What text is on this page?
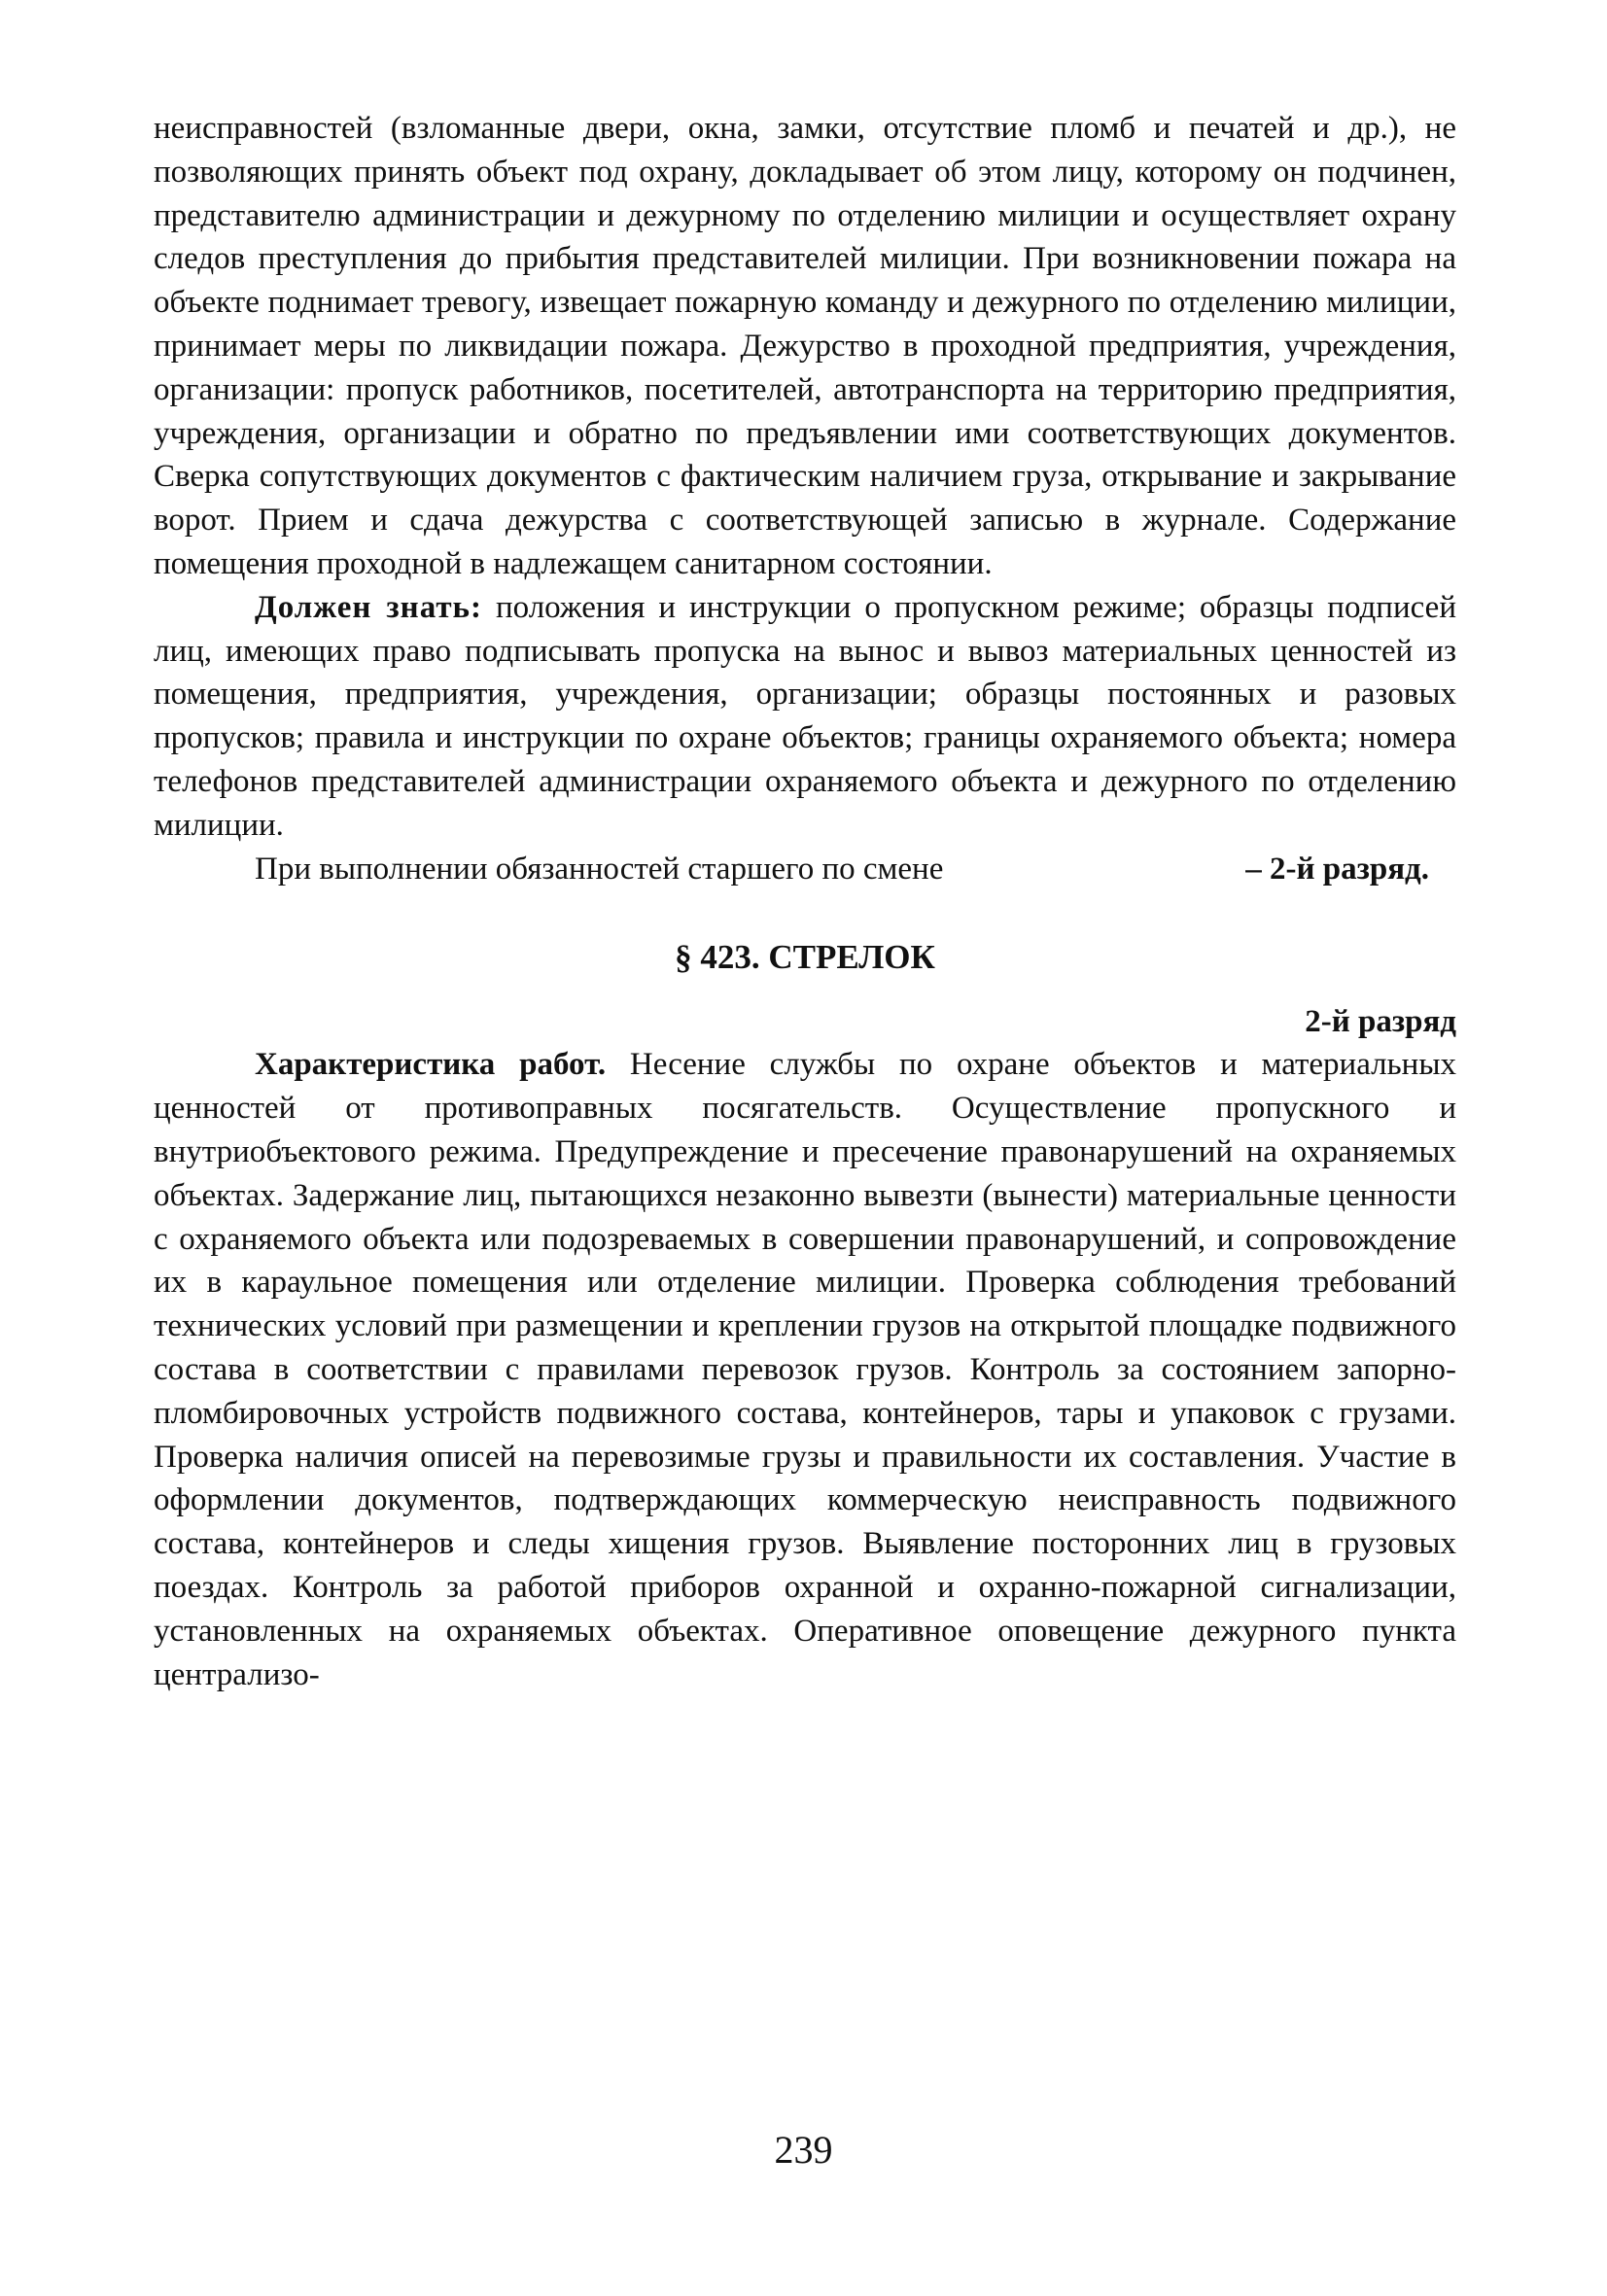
неисправностей (взломанные двери, окна, замки, отсутствие пломб и печатей и др.), не позволяющих принять объект под охрану, докладывает об этом лицу, которому он подчинен, представителю администрации и дежурному по отделению милиции и осуществляет охрану следов преступления до прибытия представителей милиции. При возникновении пожара на объекте поднимает тревогу, извещает пожарную команду и дежурного по отделению милиции, принимает меры по ликвидации пожара. Дежурство в проходной предприятия, учреждения, организации: пропуск работников, посетителей, автотранспорта на территорию предприятия, учреждения, организации и обратно по предъявлении ими соответствующих документов. Сверка сопутствующих документов с фактическим наличием груза, открывание и закрывание ворот. Прием и сдача дежурства с соответствующей записью в журнале. Содержание помещения проходной в надлежащем санитарном состоянии.

Должен знать: положения и инструкции о пропускном режиме; образцы подписей лиц, имеющих право подписывать пропуска на вынос и вывоз материальных ценностей из помещения, предприятия, учреждения, организации; образцы постоянных и разовых пропусков; правила и инструкции по охране объектов; границы охраняемого объекта; номера телефонов представителей администрации охраняемого объекта и дежурного по отделению милиции.

При выполнении обязанностей старшего по смене	– 2-й разряд.
§ 423. СТРЕЛОК

2-й разряд

Характеристика работ. Несение службы по охране объектов и материальных ценностей от противоправных посягательств. Осуществление пропускного и внутриобъектового режима. Предупреждение и пресечение правонарушений на охраняемых объектах. Задержание лиц, пытающихся незаконно вывезти (вынести) материальные ценности с охраняемого объекта или подозреваемых в совершении правонарушений, и сопровождение их в караульное помещения или отделение милиции. Проверка соблюдения требований технических условий при размещении и креплении грузов на открытой площадке подвижного состава в соответствии с правилами перевозок грузов. Контроль за состоянием запорно-пломбировочных устройств подвижного состава, контейнеров, тары и упаковок с грузами. Проверка наличия описей на перевозимые грузы и правильности их составления. Участие в оформлении документов, подтверждающих коммерческую неисправность подвижного состава, контейнеров и следы хищения грузов. Выявление посторонних лиц в грузовых поездах. Контроль за работой приборов охранной и охранно-пожарной сигнализации, установленных на охраняемых объектах. Оперативное оповещение дежурного пункта централизо-

239
